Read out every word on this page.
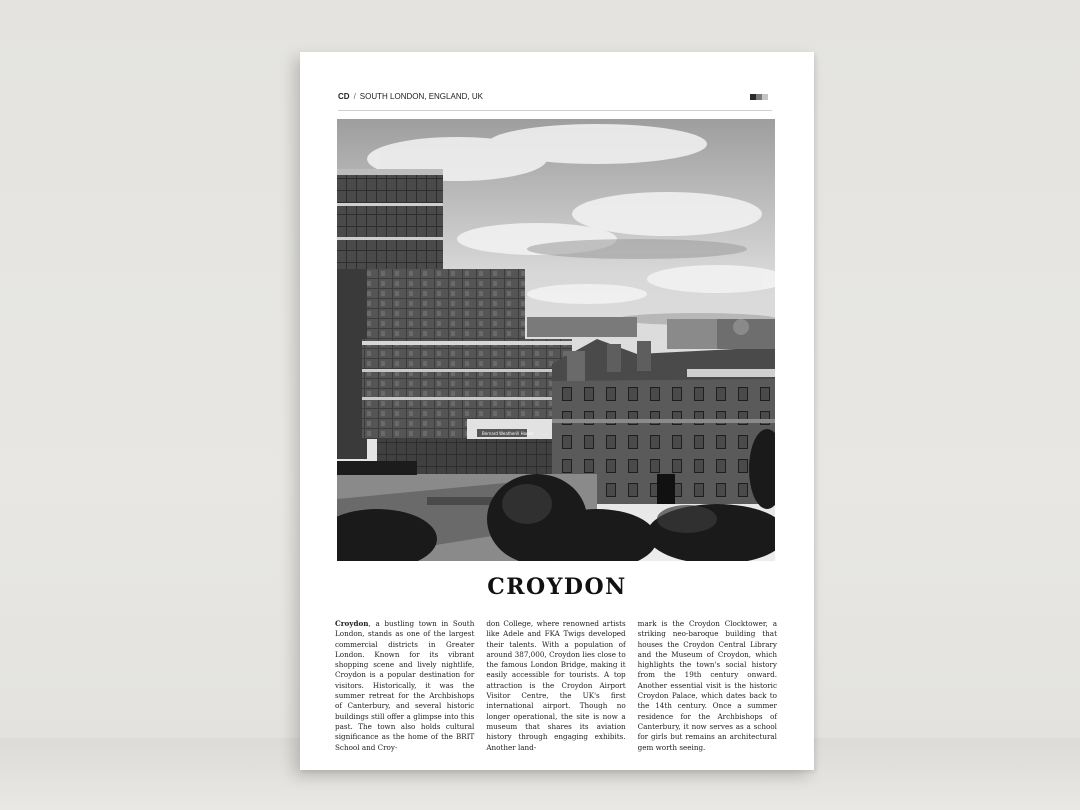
CD / SOUTH LONDON, ENGLAND, UK
Bernard Weatherill House
CROYDON
Croydon, a bustling town in South London, stands as one of the largest commercial districts in Greater London. Known for its vibrant shopping scene and lively nightlife, Croydon is a popular destination for visitors. Historically, it was the summer retreat for the Archbishops of Canterbury, and several historic buildings still offer a glimpse into this past. The town also holds cultural significance as the home of the BRIT School and Croy-
don College, where renowned artists like Adele and FKA Twigs developed their talents. With a population of around 387,000, Croydon lies close to the famous London Bridge, making it easily accessible for tourists. A top attraction is the Croydon Airport Visitor Centre, the UK's first international airport. Though no longer operational, the site is now a museum that shares its aviation history through engaging exhibits. Another land-
mark is the Croydon Clocktower, a striking neo-baroque building that houses the Croydon Central Library and the Museum of Croydon, which highlights the town's social history from the 19th century onward. Another essential visit is the historic Croydon Palace, which dates back to the 14th century. Once a summer residence for the Archbishops of Canterbury, it now serves as a school for girls but remains an architectural gem worth seeing.
